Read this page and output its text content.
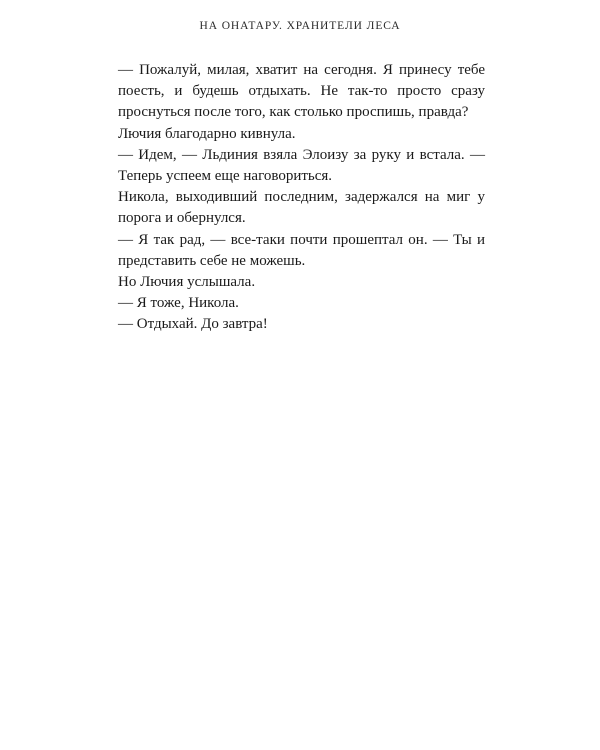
НА ОНАТАРУ. ХРАНИТЕЛИ ЛЕСА

— Пожалуй, милая, хватит на сегодня. Я принесу тебе поесть, и будешь отдыхать. Не так-то просто сразу проснуться после того, как столько проспишь, правда?

Лючия благодарно кивнула.

— Идем, — Льдиния взяла Элоизу за руку и встала. — Теперь успеем еще наговориться.

Никола, выходивший последним, задержался на миг у порога и обернулся.

— Я так рад, — все-таки почти прошептал он. — Ты и представить себе не можешь.

Но Лючия услышала.

— Я тоже, Никола.

— Отдыхай. До завтра!
